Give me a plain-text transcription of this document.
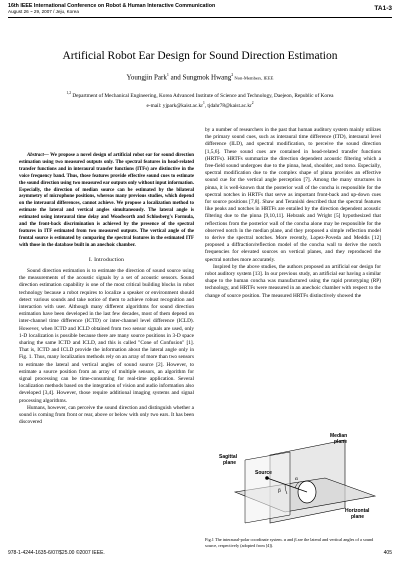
16th IEEE International Conference on Robot & Human Interactive Communication
August 26 ~ 29, 2007 / Jeju, Korea	TA1-3
Artificial Robot Ear Design for Sound Direction Estimation
Youngjin Park$^1$ and Sungmok Hwang$^2$ Non-Members, IEEE
$^{1,2}$ Department of Mechanical Engineering, Korea Advanced Institute of Science and Technology, Daejeon, Republic of Korea
e-mail: $yjpark@kaist.ac.kr^1$, $tjdahr78@kaist.ac.kr^2$

Abstract— We propose a novel design of artificial robot ear for sound direction estimation using two measured outputs only. The spectral features in head-related transfer functions and in interaural transfer functions (ITFs) are distinctive in the voice frequency band. Thus, those features provide effective sound cues to estimate the sound direction using two measured ear outputs only without input information. Especially, the direction of median source can be estimated by the bilateral asymmetry of microphone positions, whereas many previous studies, which depend on the interaural differences, cannot achieve. We propose a localization method to estimate the lateral and vertical angles simultaneously. The lateral angle is estimated using interaural time delay and Woodworth and Schlosberg's Formula, and the front-back discrimination is achieved by the presence of the spectral features in ITF estimated from two measured outputs. The vertical angle of the frontal source is estimated by comparing the spectral features in the estimated ITF with those in the database built in an anechoic chamber.

I. Introduction

Sound direction estimation is to estimate the direction of sound source using the measurements of the acoustic signals by a set of acoustic sensors. Sound direction estimation capability is one of the most critical building blocks in robot technology because a robot requires to localize a speaker or environment should detect various sounds and take notice of them to achieve robust recognition and interaction with user. Although many different algorithms for sound direction estimation have been developed in the last few decades, most of them depend on inter-channel time difference (ICTD) or inter-channel level difference (ICLD). However, when ICTD and ICLD obtained from two sensor signals are used, only 1-D localization is possible because there are many source positions in 3-D space sharing the same ICTD and ICLD, and this is called "Cone of Confusion" [1]. That is, ICTD and ICLD provide the information about the lateral angle only in Fig. 1. Thus, many localization methods rely on an array of more than two sensors to estimate the lateral and vertical angles of sound source [2]. However, to estimate a source position from an array of multiple sensors, an algorithm for signal processing can be time-consuming for real-time application. Several localization methods based on the integration of vision and audio information also developed [3,4]. However, those require additional imaging systems and signal processing algorithms.

Humans, however, can perceive the sound direction and distinguish whether a sound is coming from front or rear, above or below with only two ears. It has been discovered

by a number of researchers in the past that human auditory system mainly utilizes the primary sound cues, such as interaural time difference (ITD), interaural level difference (ILD), and spectral modification, to perceive the sound direction [1,5,6]. These sound cues are contained in head-related transfer functions (HRTFs). HRTFs summarize the direction dependent acoustic filtering which a free-field sound undergoes due to the pinna, head, shoulder, and torso. Especially, spectral modification due to the complex shape of pinna provides an effective sound cue for the vertical angle perception [7]. Among the many structures in pinna, it is well-known that the posterior wall of the concha is responsible for the spectral notches in HRTFs that serve as important front-back and up-down cues for source positions [7,8]. Shaw and Teranishi described that the spectral features like peaks and notches in HRTFs are entailed by the direction dependent acoustic filtering due to the pinna [9,10,11]. Hebrank and Wright [5] hypothesized that reflections from the posterior wall of the concha alone may be responsible for the observed notch in the median plane, and they proposed a simple reflection model to derive the spectral notches. More recently, Lopez-Poveda and Meddis [12] proposed a diffraction/reflection model of the concha wall to derive the notch frequencies for elevated sources on vertical planes, and they reproduced the spectral notches more accurately.

Inspired by the above studies, the authors proposed an artificial ear design for robot auditory system [13]. In our previous study, an artificial ear having a similar shape to the human concha was manufactured using the rapid prototyping (RP) technology, and HRTFs were measured in an anechoic chamber with respect to the change of source position. The measured HRTFs distinctively showed the

Median
plane
Sagittal
plane
Source
α
β
Horizontal
plane
Fig.1 The interaural-polar coordinate system. α and β are the lateral and vertical angles of a sound source, respectively (adopted from [4]).
978-1-4244-1635-6/07/$25.00 ©2007 IEEE.	405
